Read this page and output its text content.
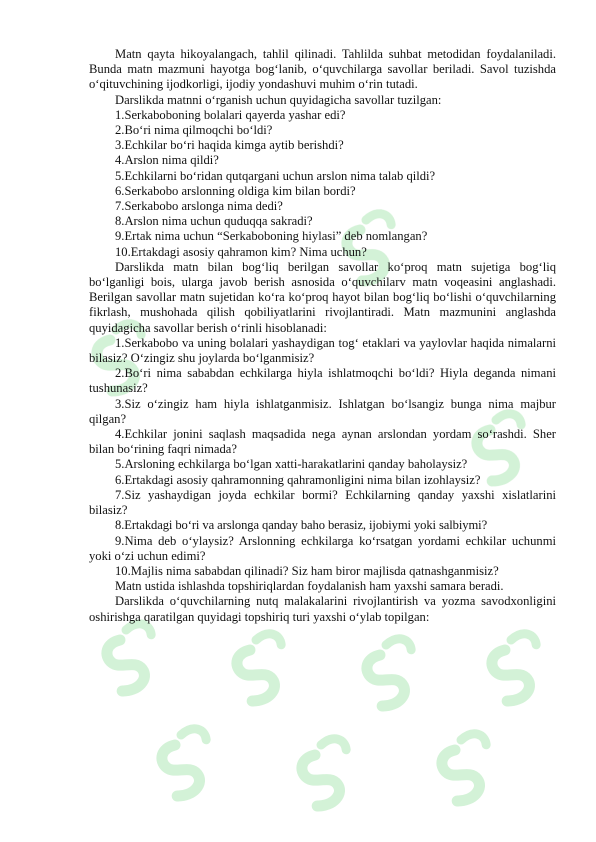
Matn qayta hikoyalangach, tahlil qilinadi. Tahlilda suhbat metodidan foydalaniladi. Bunda matn mazmuni hayotga bog‘lanib, o‘quvchilarga savollar beriladi. Savol tuzishda o‘qituvchining ijodkorligi, ijodiy yondashuvi muhim o‘rin tutadi.

Darslikda matnni o‘rganish uchun quyidagicha savollar tuzilgan:

1.Serkaboboning bolalari qayerda yashar edi?

2.Bo‘ri nima qilmoqchi bo‘ldi?

3.Echkilar bo‘ri haqida kimga aytib berishdi?

4.Arslon nima qildi?

5.Echkilarni bo‘ridan qutqargani uchun arslon nima talab qildi?

6.Serkabobo arslonning oldiga kim bilan bordi?

7.Serkabobo arslonga nima dedi?

8.Arslon nima uchun quduqqa sakradi?

9.Ertak nima uchun “Serkaboboning hiylasi” deb nomlangan?

10.Ertakdagi asosiy qahramon kim? Nima uchun?

Darslikda matn bilan bog‘liq berilgan savollar ko‘proq matn sujetiga bog‘liq bo‘lganligi bois, ularga javob berish asnosida o‘quvchilarv matn voqeasini anglashadi. Berilgan savollar matn sujetidan ko‘ra ko‘proq hayot bilan bog‘liq bo‘lishi o‘quvchilarning fikrlash, mushohada qilish qobiliyatlarini rivojlantiradi. Matn mazmunini anglashda quyidagicha savollar berish o‘rinli hisoblanadi:

1.Serkabobo va uning bolalari yashaydigan tog‘ etaklari va yaylovlar haqida nimalarni bilasiz? O‘zingiz shu joylarda bo‘lganmisiz?

2.Bo‘ri nima sababdan echkilarga hiyla ishlatmoqchi bo‘ldi? Hiyla deganda nimani tushunasiz?

3.Siz o‘zingiz ham hiyla ishlatganmisiz. Ishlatgan bo‘lsangiz bunga nima majbur qilgan?

4.Echkilar jonini saqlash maqsadida nega aynan arslondan yordam so‘rashdi. Sher bilan bo‘rining faqri nimada?

5.Arsloning echkilarga bo‘lgan xatti-harakatlarini qanday baholaysiz?

6.Ertakdagi asosiy qahramonning qahramonligini nima bilan izohlaysiz?

7.Siz yashaydigan joyda echkilar bormi? Echkilarning qanday yaxshi xislatlarini bilasiz?

8.Ertakdagi bo‘ri va arslonga qanday baho berasiz, ijobiymi yoki salbiymi?

9.Nima deb o‘ylaysiz? Arslonning echkilarga ko‘rsatgan yordami echkilar uchunmi yoki o‘zi uchun edimi?

10.Majlis nima sababdan qilinadi? Siz ham biror majlisda qatnashganmisiz?

Matn ustida ishlashda topshiriqlardan foydalanish ham yaxshi samara beradi.

Darslikda o‘quvchilarning nutq malakalarini rivojlantirish va yozma savodxonligini oshirishga qaratilgan quyidagi topshiriq turi yaxshi o‘ylab topilgan:
